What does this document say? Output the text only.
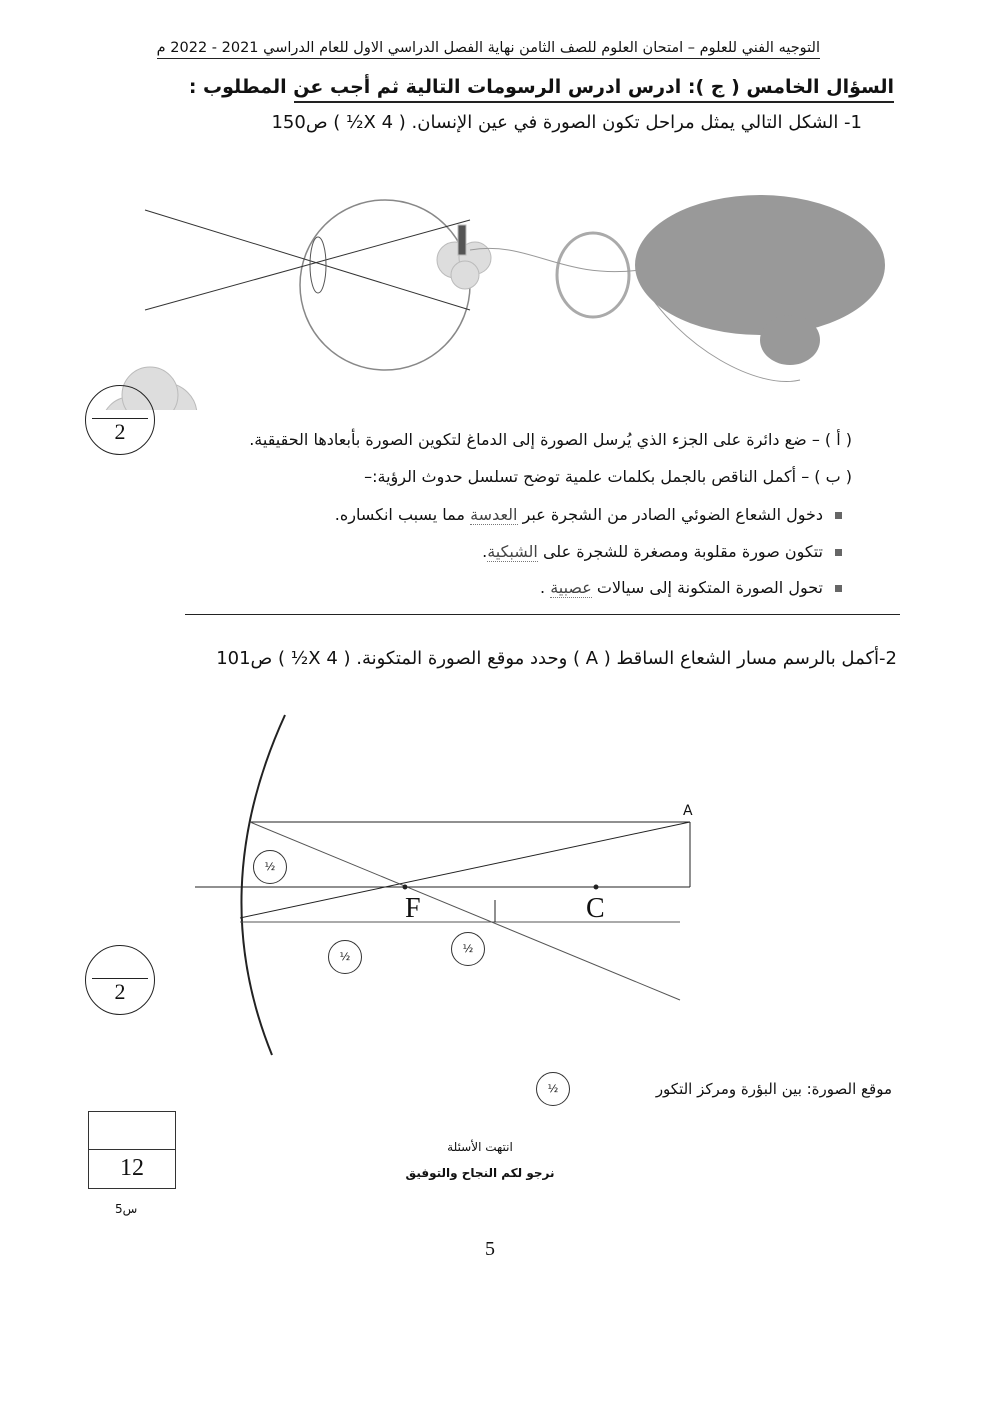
التوجيه الفني للعلوم – امتحان العلوم للصف الثامن نهاية الفصل الدراسي الاول للعام الدراسي 2021 - 2022 م
السؤال الخامس ( ج ): ادرس ادرس الرسومات التالية ثم أجب عن المطلوب :
1- الشكل التالي يمثل مراحل تكون الصورة في عين الإنسان. ( 4 X½ ) ص150
2	( أ ) – ضع دائرة على الجزء الذي يُرسل الصورة إلى الدماغ لتكوين الصورة بأبعادها الحقيقية.
( ب ) – أكمل الناقص بالجمل بكلمات علمية توضح تسلسل حدوث الرؤية:–
دخول الشعاع الضوئي الصادر من الشجرة عبر العدسة مما يسبب انكساره.
تتكون صورة مقلوبة ومصغرة للشجرة على الشبكية.
تحول الصورة المتكونة إلى سيالات عصبية .
2-أكمل بالرسم مسار الشعاع الساقط ( A ) وحدد موقع الصورة المتكونة. ( 4 X½ ) ص101
A
F	C
½
½
½
2
½	موقع الصورة: بين البؤرة ومركز التكور
12
س5
انتهت الأسئلة
نرجو لكم النجاح والتوفيق
5
